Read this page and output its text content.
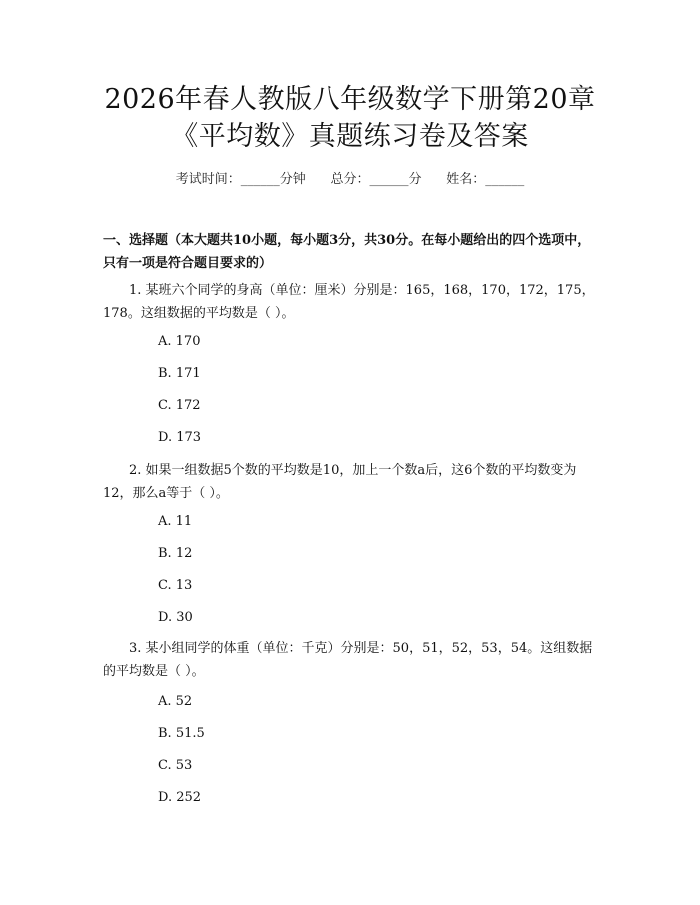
2026年春人教版八年级数学下册第20章
《平均数》真题练习卷及答案
考试时间：______分钟      总分：______分      姓名：______
一、选择题（本大题共10小题，每小题3分，共30分。在每小题给出的四个选项中，只有一项是符合题目要求的）
1. 某班六个同学的身高（单位：厘米）分别是：165，168，170，172，175，178。这组数据的平均数是（ ）。
A. 170
B. 171
C. 172
D. 173
2. 如果一组数据5个数的平均数是10，加上一个数a后，这6个数的平均数变为12，那么a等于（ ）。
A. 11
B. 12
C. 13
D. 30
3. 某小组同学的体重（单位：千克）分别是：50，51，52，53，54。这组数据的平均数是（ ）。
A. 52
B. 51.5
C. 53
D. 252
